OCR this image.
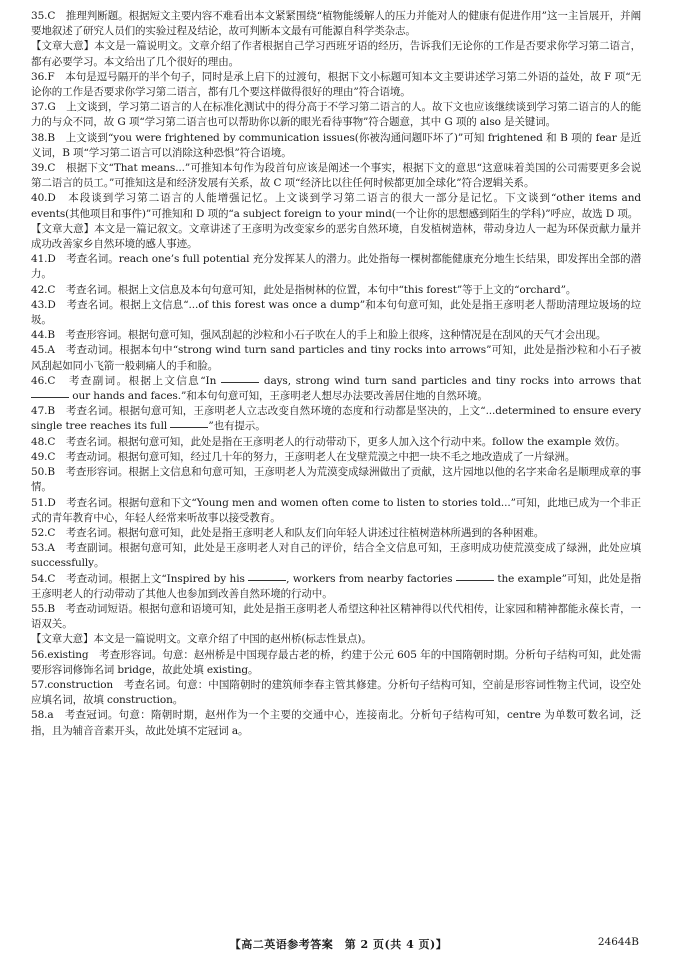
35.C　推理判断题。根据短文主要内容不难看出本文紧紧围绕“植物能缓解人的压力并能对人的健康有促进作用”这一主旨展开，并阐要地叙述了研究人员们的实验过程及结论，故可判断本文最有可能源自科学类杂志。
【文章大意】本文是一篇说明文。文章介绍了作者根据自己学习西班牙语的经历，告诉我们无论你的工作是否要求你学习第二语言，都有必要学习。本文给出了几个很好的理由。
36.F　本句是逗号隔开的半个句子，同时是承上启下的过渡句，根据下文小标题可知本文主要讲述学习第二外语的益处，故 F 项“无论你的工作是否要求你学习第二语言，都有几个要这样做得很好的理由”符合语境。
37.G　上文谈到，学习第二语言的人在标准化测试中的得分高于不学习第二语言的人。故下文也应该继续谈到学习第二语言的人的能力的与众不同，故 G 项“学习第二语言也可以帮助你以新的眼光看待事物”符合题意，其中 G 项的 also 是关键词。
38.B　上文谈到“you were frightened by communication issues(你被沟通问题吓坏了)”可知 frightened 和 B 项的 fear 是近义词，B 项“学习第二语言可以消除这种恐惧”符合语境。
39.C　根据下文“That means...”可推知本句作为段首句应该是阐述一个事实，根据下文的意思“这意味着美国的公司需要更多会说第二语言的员工。”可推知这是和经济发展有关系，故 C 项“经济比以往任何时候都更加全球化”符合逻辑关系。
40.D　本段谈到学习第二语言的人能增强记忆。上文谈到学习第二语言的很大一部分是记忆。下文谈到“other items and events(其他项目和事件)”可推知和 D 项的“a subject foreign to your mind(一个让你的思想感到陌生的学科)”呼应，故选 D 项。
【文章大意】本文是一篇记叙文。文章讲述了王彦明为改变家乡的恶劣自然环境，自发植树造林，带动身边人一起为环保贡献力量并成功改善家乡自然环境的感人事迹。
41.D　考查名词。reach one’s full potential 充分发挥某人的潜力。此处指每一棵树都能健康充分地生长结果，即发挥出全部的潜力。
42.C　考查名词。根据上文信息及本句句意可知，此处是指树林的位置，本句中“this forest”等于上文的“orchard”。
43.D　考查名词。根据上文信息“...of this forest was once a dump”和本句句意可知，此处是指王彦明老人帮助清理垃圾场的垃圾。
44.B　考查形容词。根据句意可知，强风刮起的沙粒和小石子吹在人的手上和脸上很疼，这种情况是在刮风的天气才会出现。
45.A　考查动词。根据本句中“strong wind turn sand particles and tiny rocks into arrows”可知，此处是指沙粒和小石子被风刮起如同小飞箭一般刺痛人的手和脸。
46.C　考查副词。根据上文信息“In	days, strong wind turn sand particles and tiny rocks into arrows that  our hands and faces.”和本句句意可知，王彦明老人想尽办法要改善居住地的自然环境。
47.B　考查名词。根据句意可知，王彦明老人立志改变自然环境的态度和行动都是坚决的，上文“...determined to ensure every single tree reaches its full	”也有提示。
48.C　考查名词。根据句意可知，此处是指在王彦明老人的行动带动下，更多人加入这个行动中来。follow the example 效仿。
49.C　考查动词。根据句意可知，经过几十年的努力，王彦明老人在戈壁荒漠之中把一块不毛之地改造成了一片绿洲。
50.B　考查形容词。根据上文信息和句意可知，王彦明老人为荒漠变成绿洲做出了贡献，这片园地以他的名字来命名是顺理成章的事情。
51.D　考查名词。根据句意和下文“Young men and women often come to listen to stories told...”可知，此地已成为一个非正式的青年教育中心，年轻人经常来听故事以接受教育。
52.C　考查名词。根据句意可知，此处是指王彦明老人和队友们向年轻人讲述过往植树造林所遇到的各种困难。
53.A　考查副词。根据句意可知，此处是王彦明老人对自己的评价，结合全文信息可知，王彦明成功使荒漠变成了绿洲，此处应填 successfully。
54.C　考查动词。根据上文“Inspired by his	, workers from nearby factories	the example”可知，此处是指王彦明老人的行动带动了其他人也参加到改善自然环境的行动中。
55.B　考查动词短语。根据句意和语境可知，此处是指王彦明老人希望这种社区精神得以代代相传，让家园和精神都能永葆长青，一语双关。
【文章大意】本文是一篇说明文。文章介绍了中国的赵州桥(标志性景点)。
56.existing　考查形容词。句意：赵州桥是中国现存最古老的桥，约建于公元 605 年的中国隋朝时期。分析句子结构可知，此处需要形容词修饰名词 bridge，故此处填 existing。
57.construction　考查名词。句意：中国隋朝时的建筑师李春主管其修建。分析句子结构可知，空前是形容词性物主代词，设空处应填名词，故填 construction。
58.a　考查冠词。句意：隋朝时期，赵州作为一个主要的交通中心，连接南北。分析句子结构可知，centre 为单数可数名词，泛指，且为辅音音素开头，故此处填不定冠词 a。
【高二英语参考答案　第 2 页(共 4 页)】	24644B
